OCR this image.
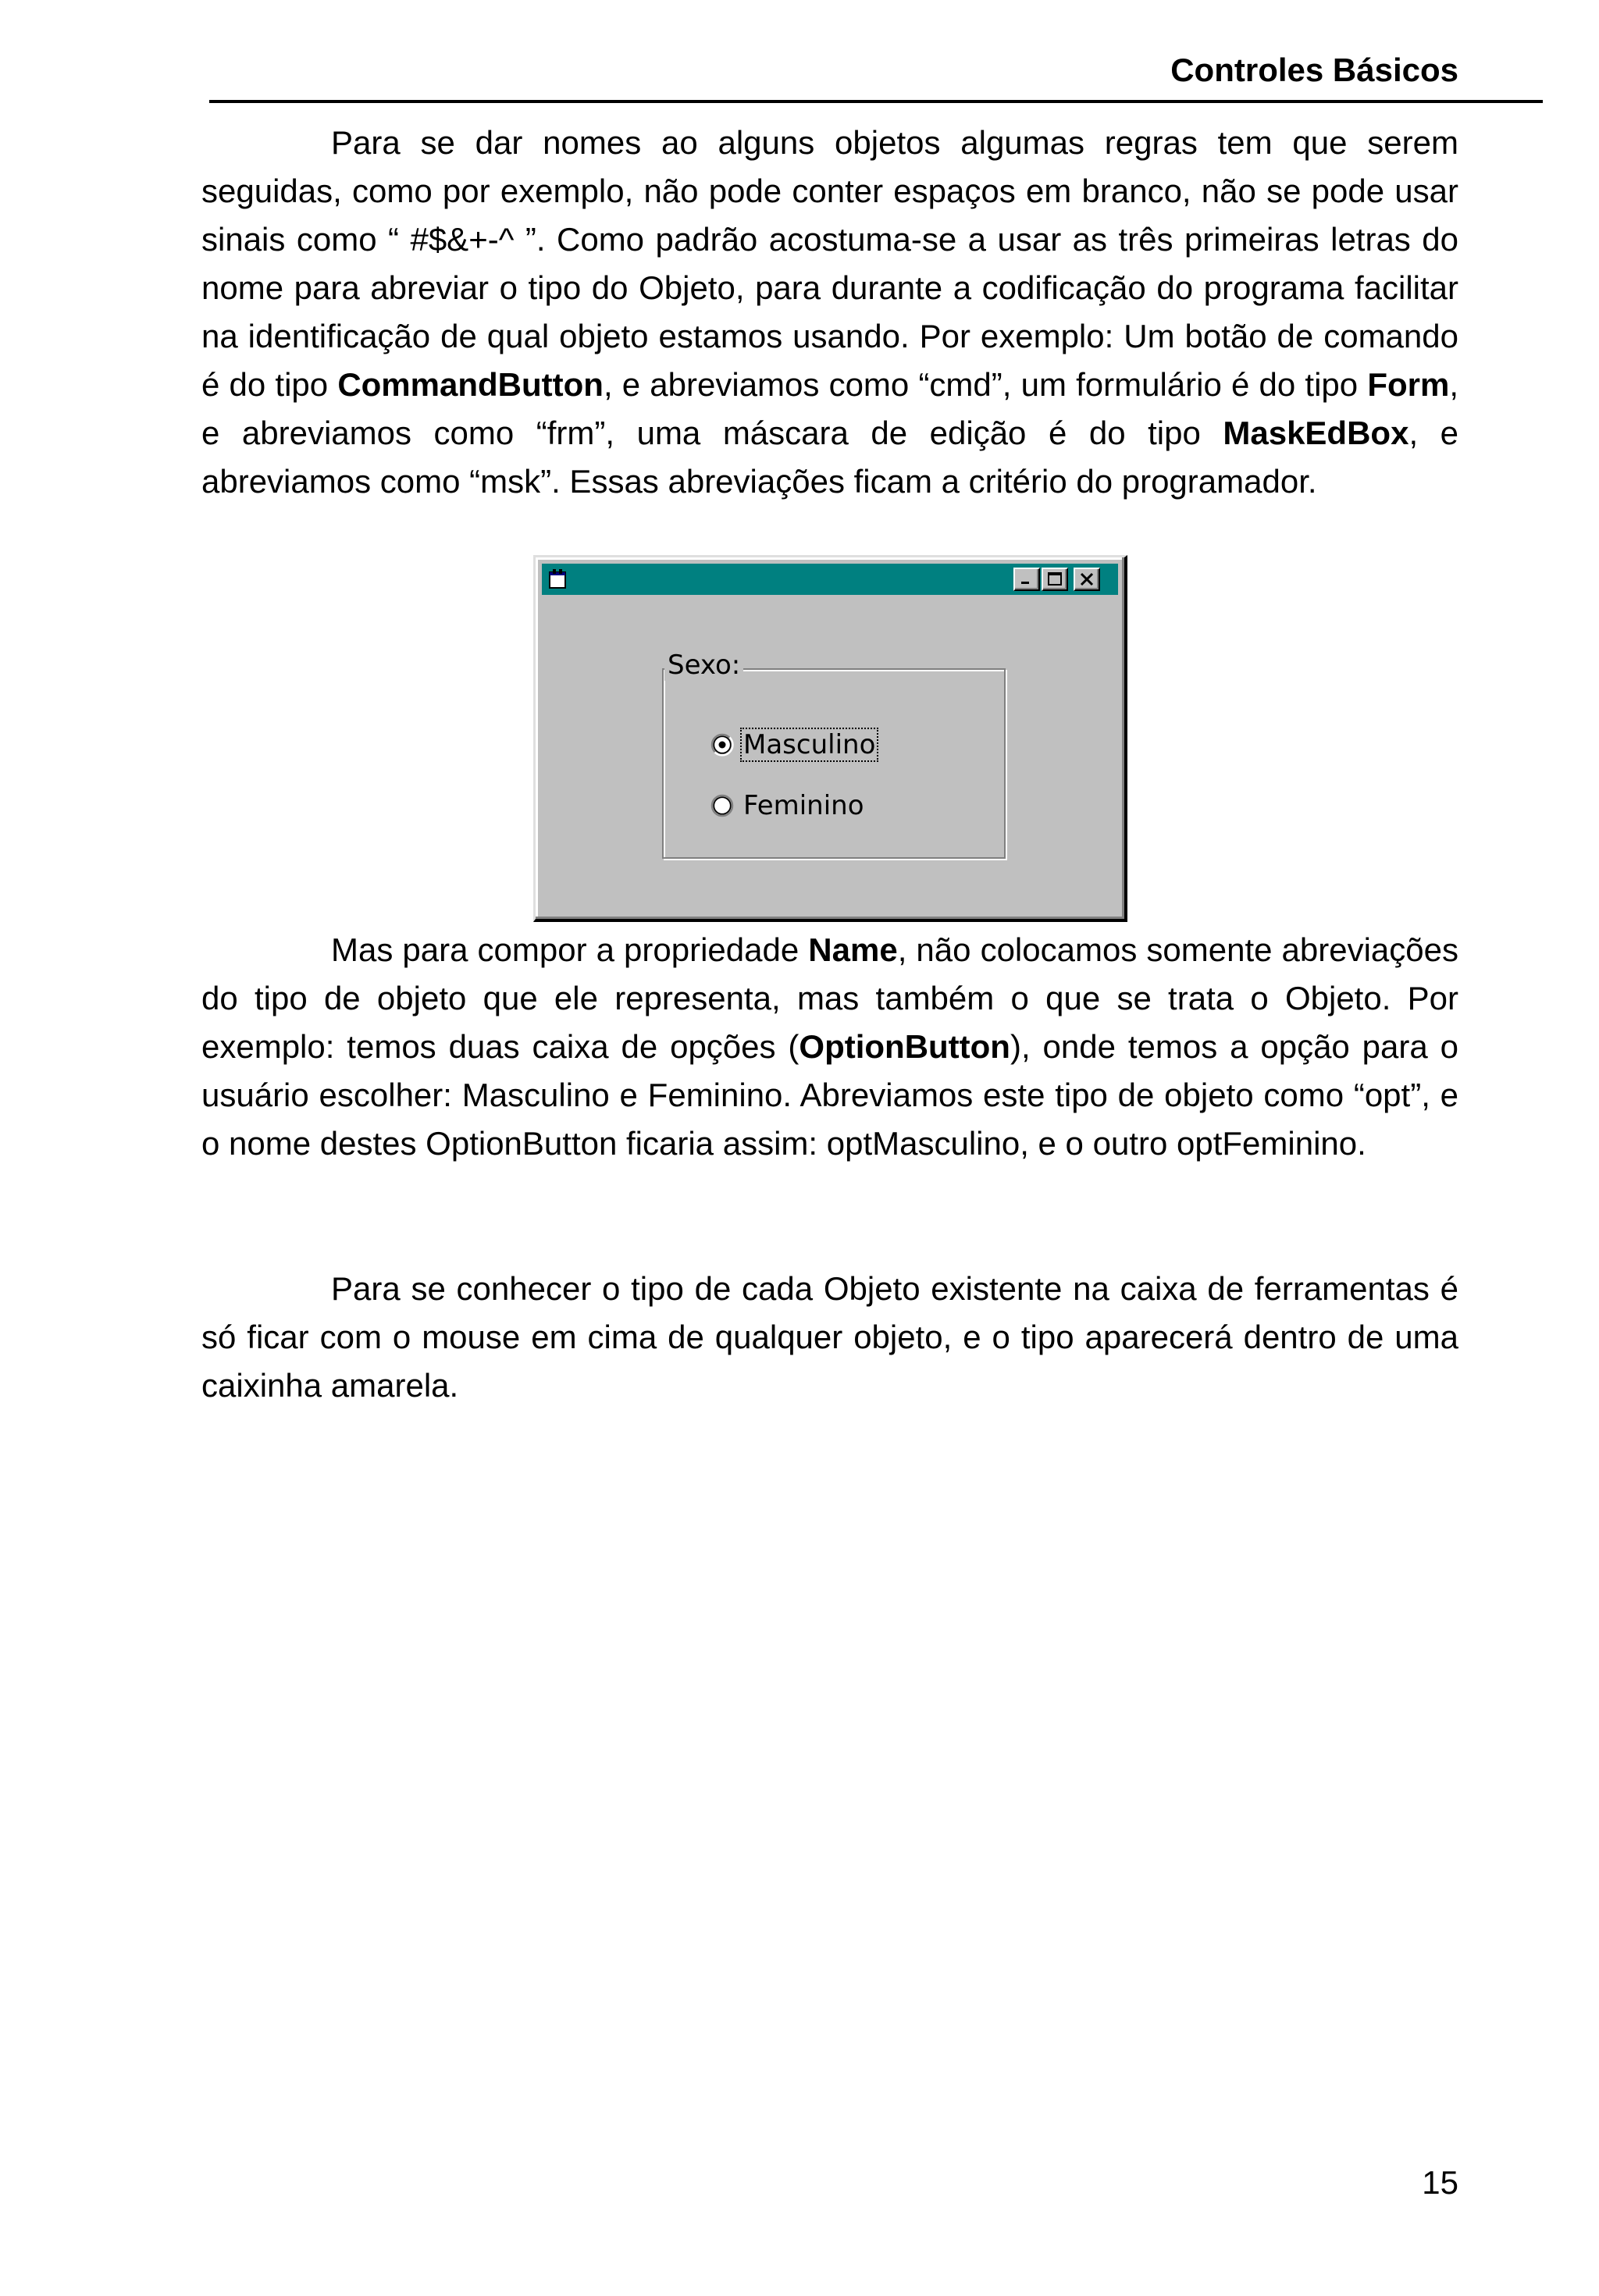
Controles Básicos

Para se dar nomes ao alguns objetos algumas regras tem que serem seguidas, como por exemplo, não pode conter espaços em branco, não se pode usar sinais como “ #$&+-^ ”. Como padrão acostuma-se a usar as três primeiras letras do nome para abreviar o tipo do Objeto, para durante a codificação do programa facilitar na identificação de qual objeto estamos usando. Por exemplo: Um botão de comando é do tipo CommandButton, e abreviamos como “cmd”, um formulário é do tipo Form, e abreviamos como “frm”, uma máscara de edição é do tipo MaskEdBox, e abreviamos como “msk”. Essas abreviações ficam a critério do programador.

Sexo:
Masculino
Feminino

Mas para compor a propriedade Name, não colocamos somente abreviações do tipo de objeto que ele representa, mas também o que se trata o Objeto. Por exemplo: temos duas caixa de opções (OptionButton), onde temos a opção para o usuário escolher: Masculino e Feminino. Abreviamos este tipo de objeto como “opt”, e o nome destes OptionButton ficaria assim: optMasculino, e o outro optFeminino.

Para se conhecer o tipo de cada Objeto existente na caixa de ferramentas é só ficar com o mouse em cima de qualquer objeto, e o tipo aparecerá dentro de uma caixinha amarela.

15
